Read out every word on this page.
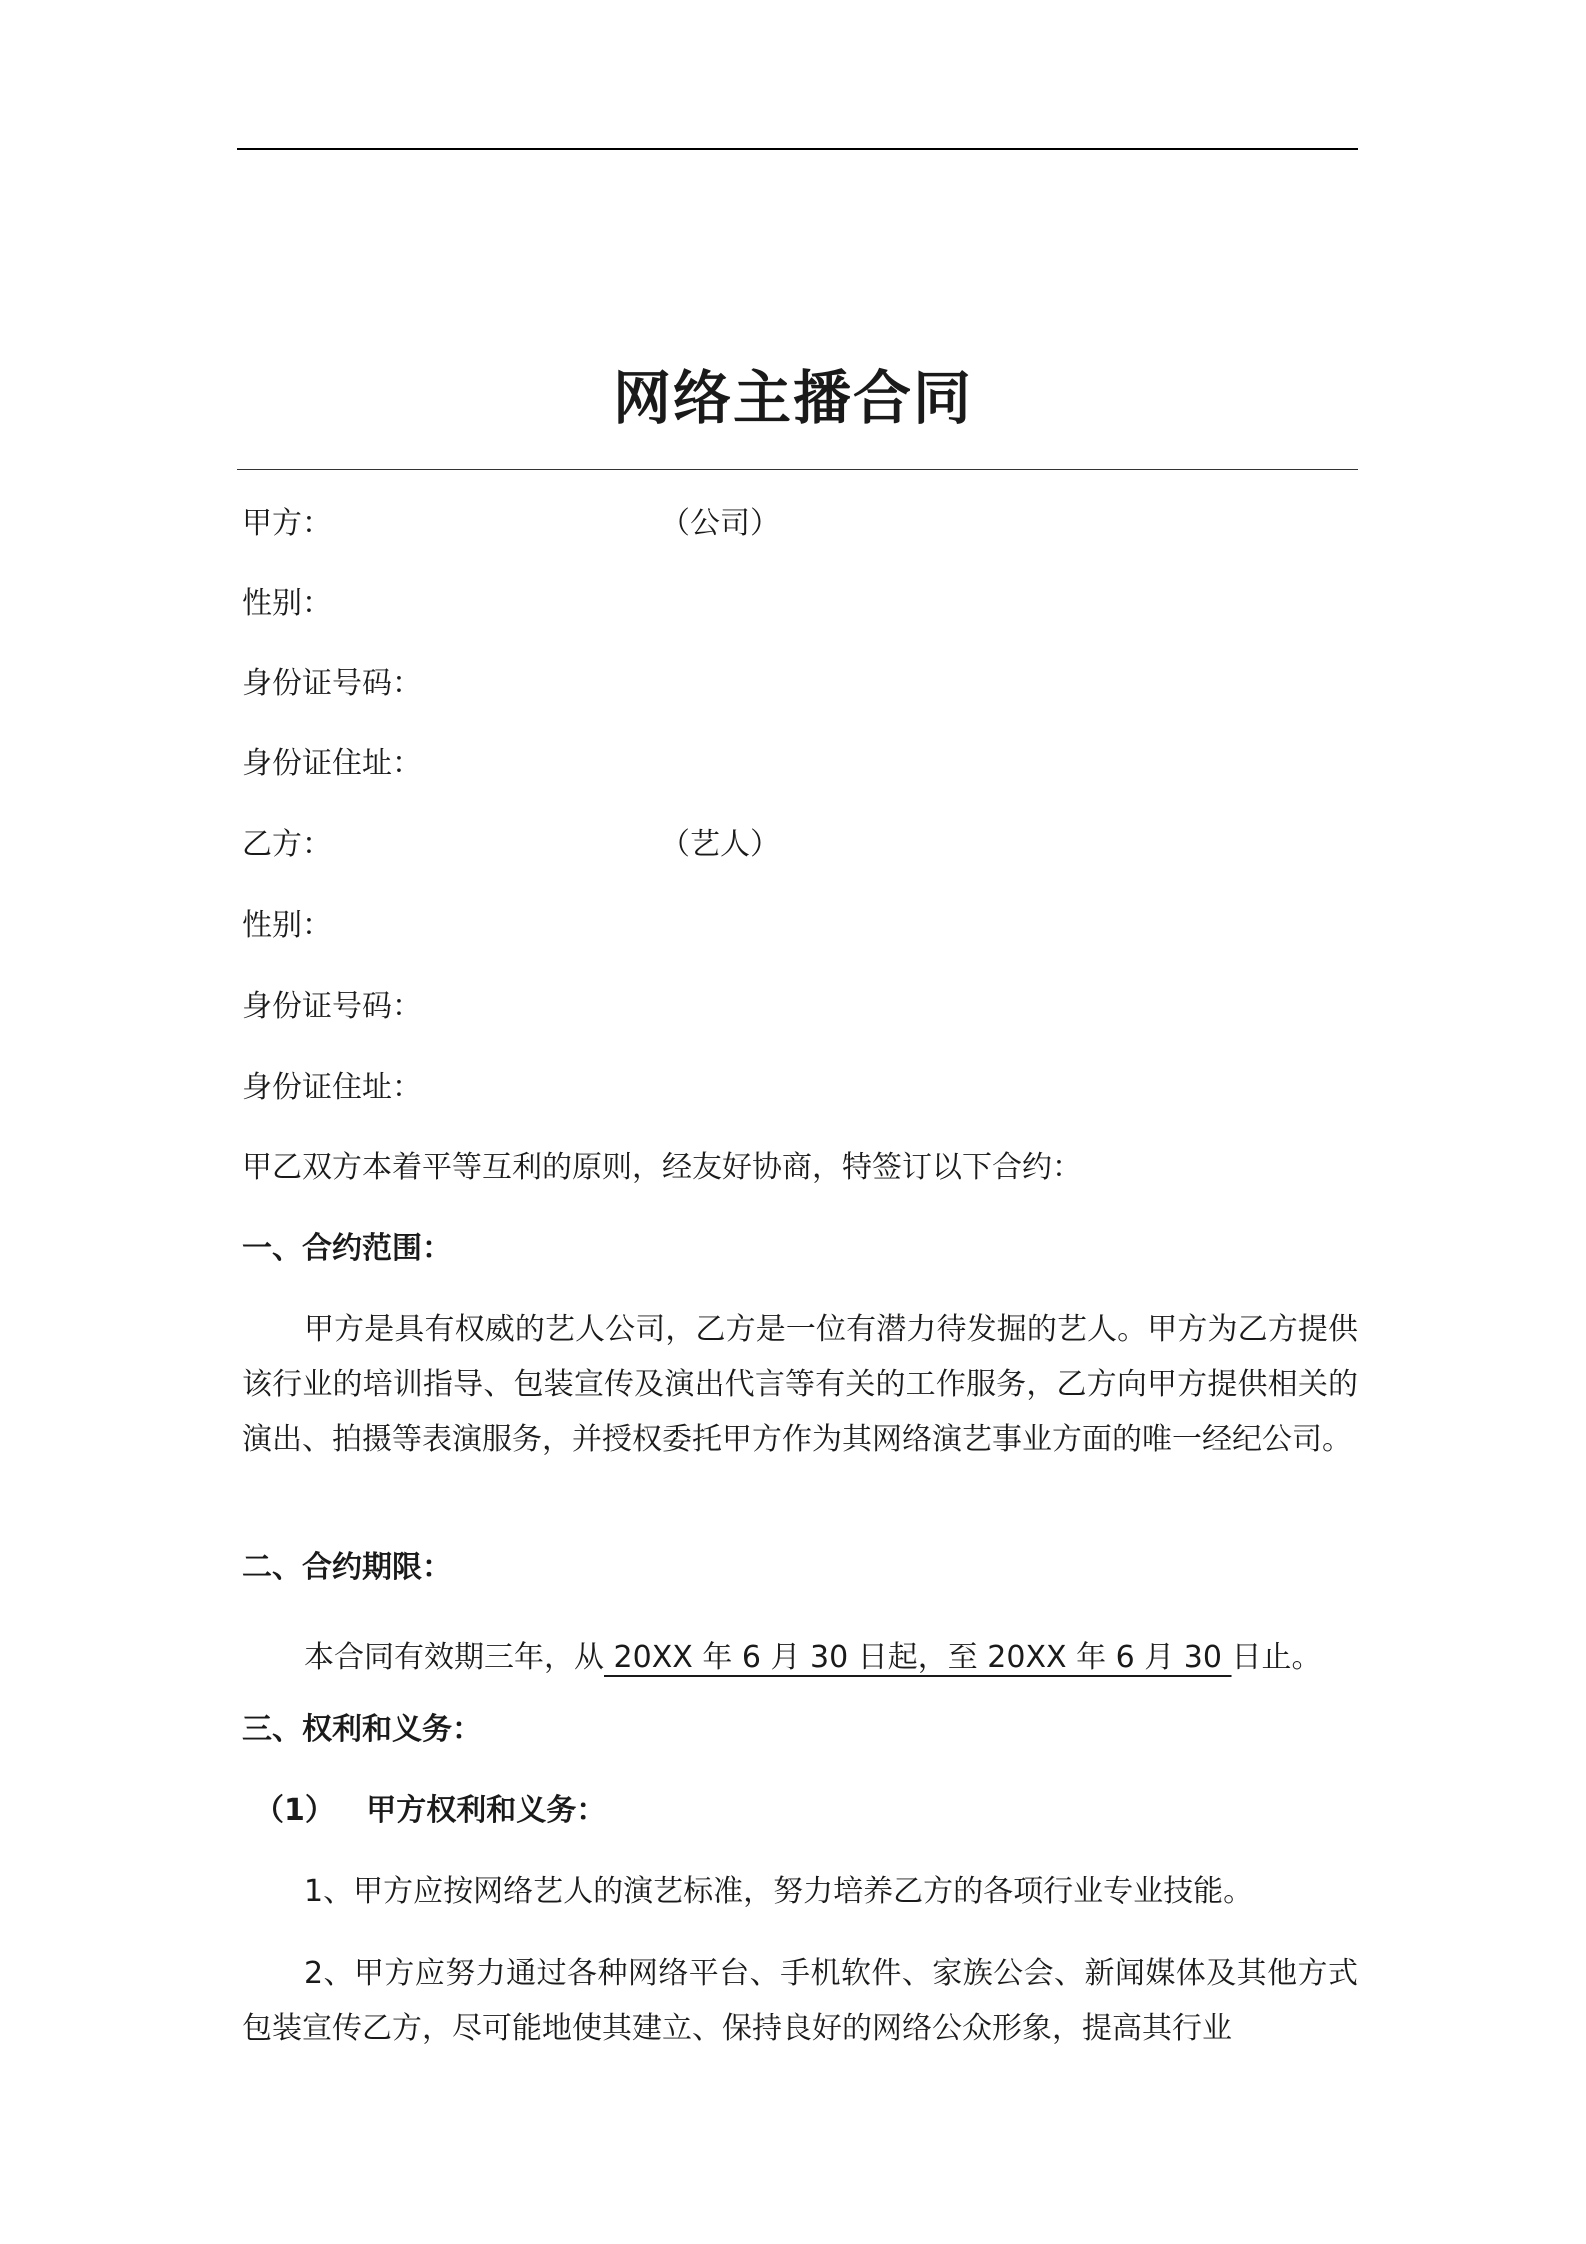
网络主播合同
甲方：	（公司）
性别：
身份证号码：
身份证住址：
乙方：	（艺人）
性别：
身份证号码：
身份证住址：
甲乙双方本着平等互利的原则，经友好协商，特签订以下合约：
一、合约范围：
甲方是具有权威的艺人公司，乙方是一位有潜力待发掘的艺人。甲方为乙方提供该行业的培训指导、包装宣传及演出代言等有关的工作服务，乙方向甲方提供相关的演出、拍摄等表演服务，并授权委托甲方作为其网络演艺事业方面的唯一经纪公司。
二、合约期限：
本合同有效期三年，从 20XX 年 6 月 30 日起，至 20XX 年 6 月 30 日止。
三、权利和义务：
（1）   甲方权利和义务：
1、甲方应按网络艺人的演艺标准，努力培养乙方的各项行业专业技能。
2、甲方应努力通过各种网络平台、手机软件、家族公会、新闻媒体及其他方式包装宣传乙方，尽可能地使其建立、保持良好的网络公众形象，提高其行业
